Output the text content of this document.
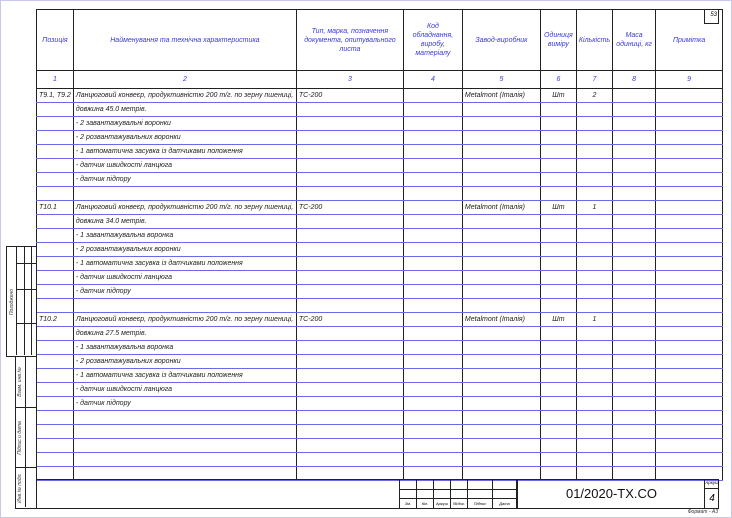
Позиція	Найменування та технічна характеристика	Тип, марка, позначення документа, опитувального листа	Код обладнання, виробу, матеріалу	Завод-виробник	Одиниця виміру	Кількість	Маса одиниці, кг	Примітка
1	2	3	4	5	6	7	8	9
T9.1, T9.2	Ланцюговий конвеєр, продуктивністю 200 т/г. по зерну пшениці,	TC-200		Metalmont (Італія)	Шт	2		
	довжина 45.0 метрів.							
	- 2 завантажувальні воронки							
	- 2 розвантажувальних воронки							
	- 1 автоматична засувка із датчиками положення							
	- датчик швидкості ланцюга							
	- датчик підпору							

T10.1	Ланцюговий конвеєр, продуктивністю 200 т/г. по зерну пшениці,	TC-200		Metalmont (Італія)	Шт	1		
	довжина 34.0 метрів.							
	- 1 завантажувальна воронка							
	- 2 розвантажувальних воронки							
	- 1 автоматична засувка із датчиками положення							
	- датчик швидкості ланцюга							
	- датчик підпору							

T10.2	Ланцюговий конвеєр, продуктивністю 200 т/г. по зерну пшениці,	TC-200		Metalmont (Італія)	Шт	1		
	довжина 27.5 метрів.							
	- 1 завантажувальна воронка							
	- 2 розвантажувальних воронки							
	- 1 автоматична засувка із датчиками положення							
	- датчик швидкості ланцюга							
	- датчик підпору							

53
Зм.	Кіл.	Аркуш	№док.	Підпис	Дата
01/2020-TX.CO
Аркуш
4
Формат - А3
Погоджено
Взам. инв.№
Підпис и дата
Инв.№ подл.
